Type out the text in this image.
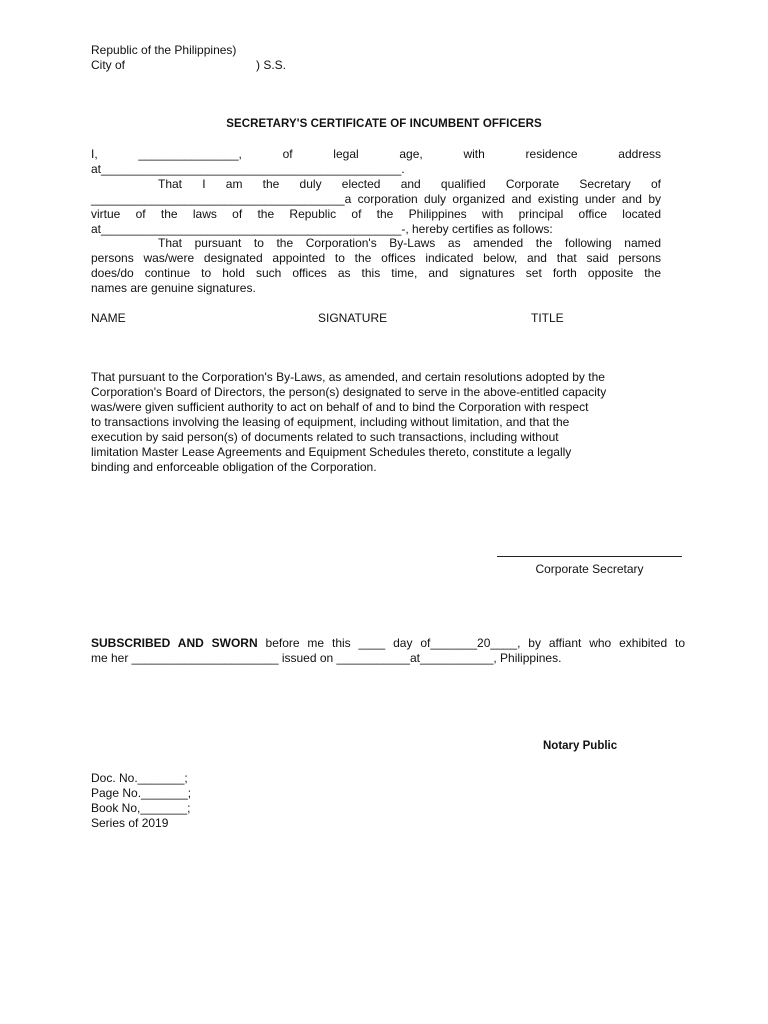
Republic of the Philippines)
City of	) S.S.
SECRETARY'S CERTIFICATE OF INCUMBENT OFFICERS
I, _______________, of legal age, with residence address at_____________________________________________.
That I am the duly elected and qualified Corporate Secretary of
______________________________________a corporation duly organized and existing under and by
virtue of the laws of the Republic of the Philippines with principal office located
at_____________________________________________-, hereby certifies as follows:
That pursuant to the Corporation's By-Laws as amended the following named
persons was/were designated appointed to the offices indicated below, and that said persons
does/do continue to hold such offices as this time, and signatures set forth opposite the
names are genuine signatures.
NAME	SIGNATURE	TITLE
That pursuant to the Corporation's By-Laws, as amended, and certain resolutions adopted by the
Corporation's Board of Directors, the person(s) designated to serve in the above-entitled capacity
was/were given sufficient authority to act on behalf of and to bind the Corporation with respect
to transactions involving the leasing of equipment, including without limitation, and that the
execution by said person(s) of documents related to such transactions, including without
limitation Master Lease Agreements and Equipment Schedules thereto, constitute a legally
binding and enforceable obligation of the Corporation.
Corporate Secretary
SUBSCRIBED AND SWORN before me this ____ day of_______20____, by affiant who exhibited to
me her ______________________ issued on ___________at___________, Philippines.
Notary Public
Doc. No._______;
Page No._______;
Book No,_______;
Series of 2019
